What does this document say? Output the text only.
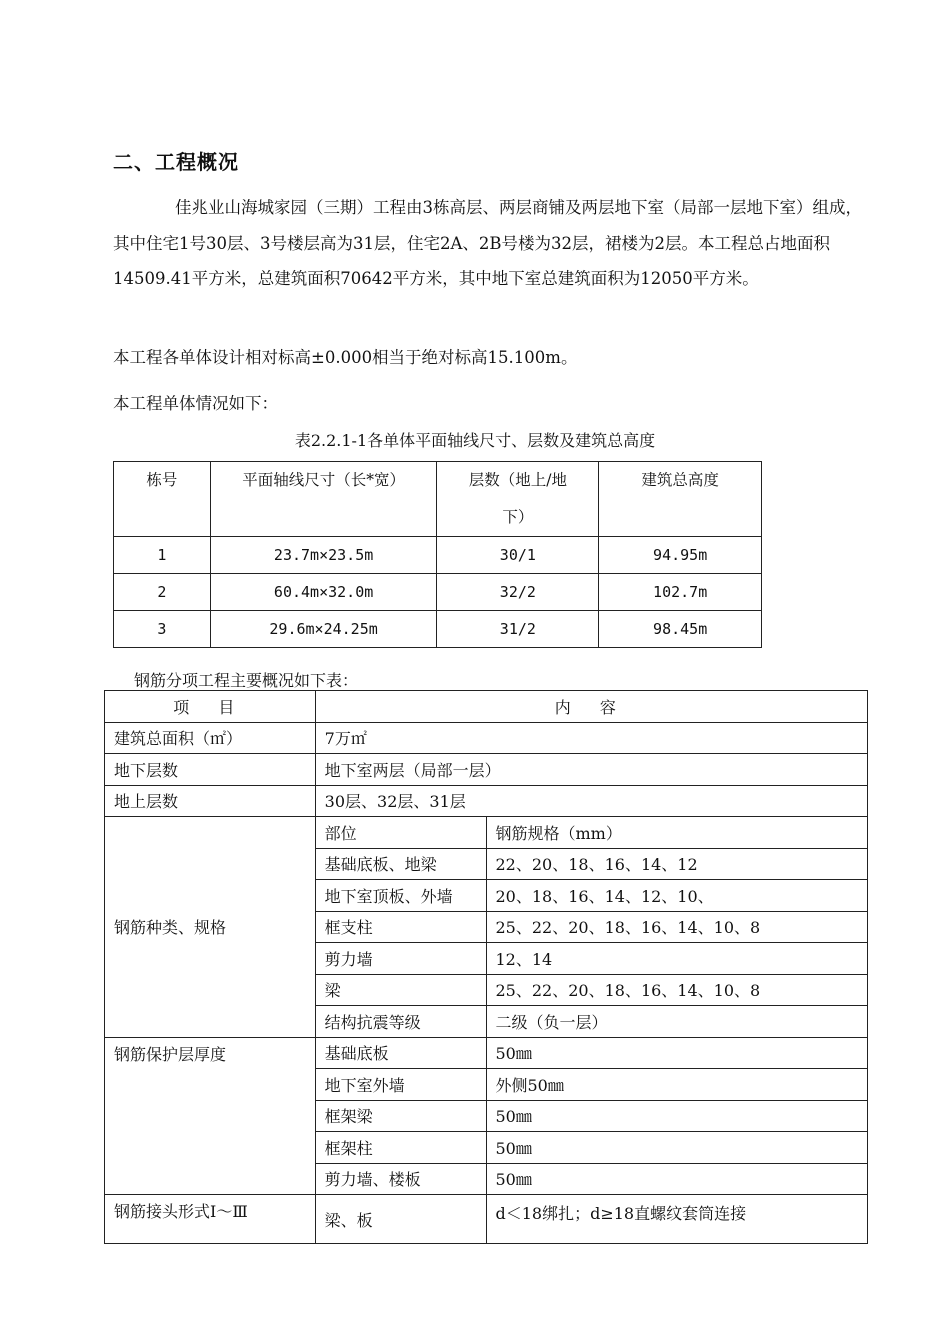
二、工程概况
佳兆业山海城家园（三期）工程由3栋高层、两层商铺及两层地下室（局部一层地下室）组成，其中住宅1号30层、3号楼层高为31层，住宅2A、2B号楼为32层，裙楼为2层。本工程总占地面积14509.41平方米，总建筑面积70642平方米，其中地下室总建筑面积为12050平方米。
本工程各单体设计相对标高±0.000相当于绝对标高15.100m。
本工程单体情况如下：
表2.2.1-1各单体平面轴线尺寸、层数及建筑总高度
栋号	平面轴线尺寸（长*宽）	层数（地上/地下）	建筑总高度
1	23.7m×23.5m	30/1	94.95m
2	60.4m×32.0m	32/2	102.7m
3	29.6m×24.25m	31/2	98.45m
钢筋分项工程主要概况如下表：
项 目	内 容	
建筑总面积（㎡）	7万㎡	
地下层数	地下室两层（局部一层）	
地上层数	30层、32层、31层	
钢筋种类、规格	部位	钢筋规格（mm）
	基础底板、地梁	22、20、18、16、14、12
	地下室顶板、外墙	20、18、16、14、12、10、
	框支柱	25、22、20、18、16、14、10、8
	剪力墙	12、14
	梁	25、22、20、18、16、14、10、8
	结构抗震等级	二级（负一层）
钢筋保护层厚度	基础底板	50㎜
	地下室外墙	外侧50㎜
	框架梁	50㎜
	框架柱	50㎜
	剪力墙、楼板	50㎜
钢筋接头形式Ⅰ～Ⅲ	梁、板	d＜18绑扎；d≥18直螺纹套筒连接
